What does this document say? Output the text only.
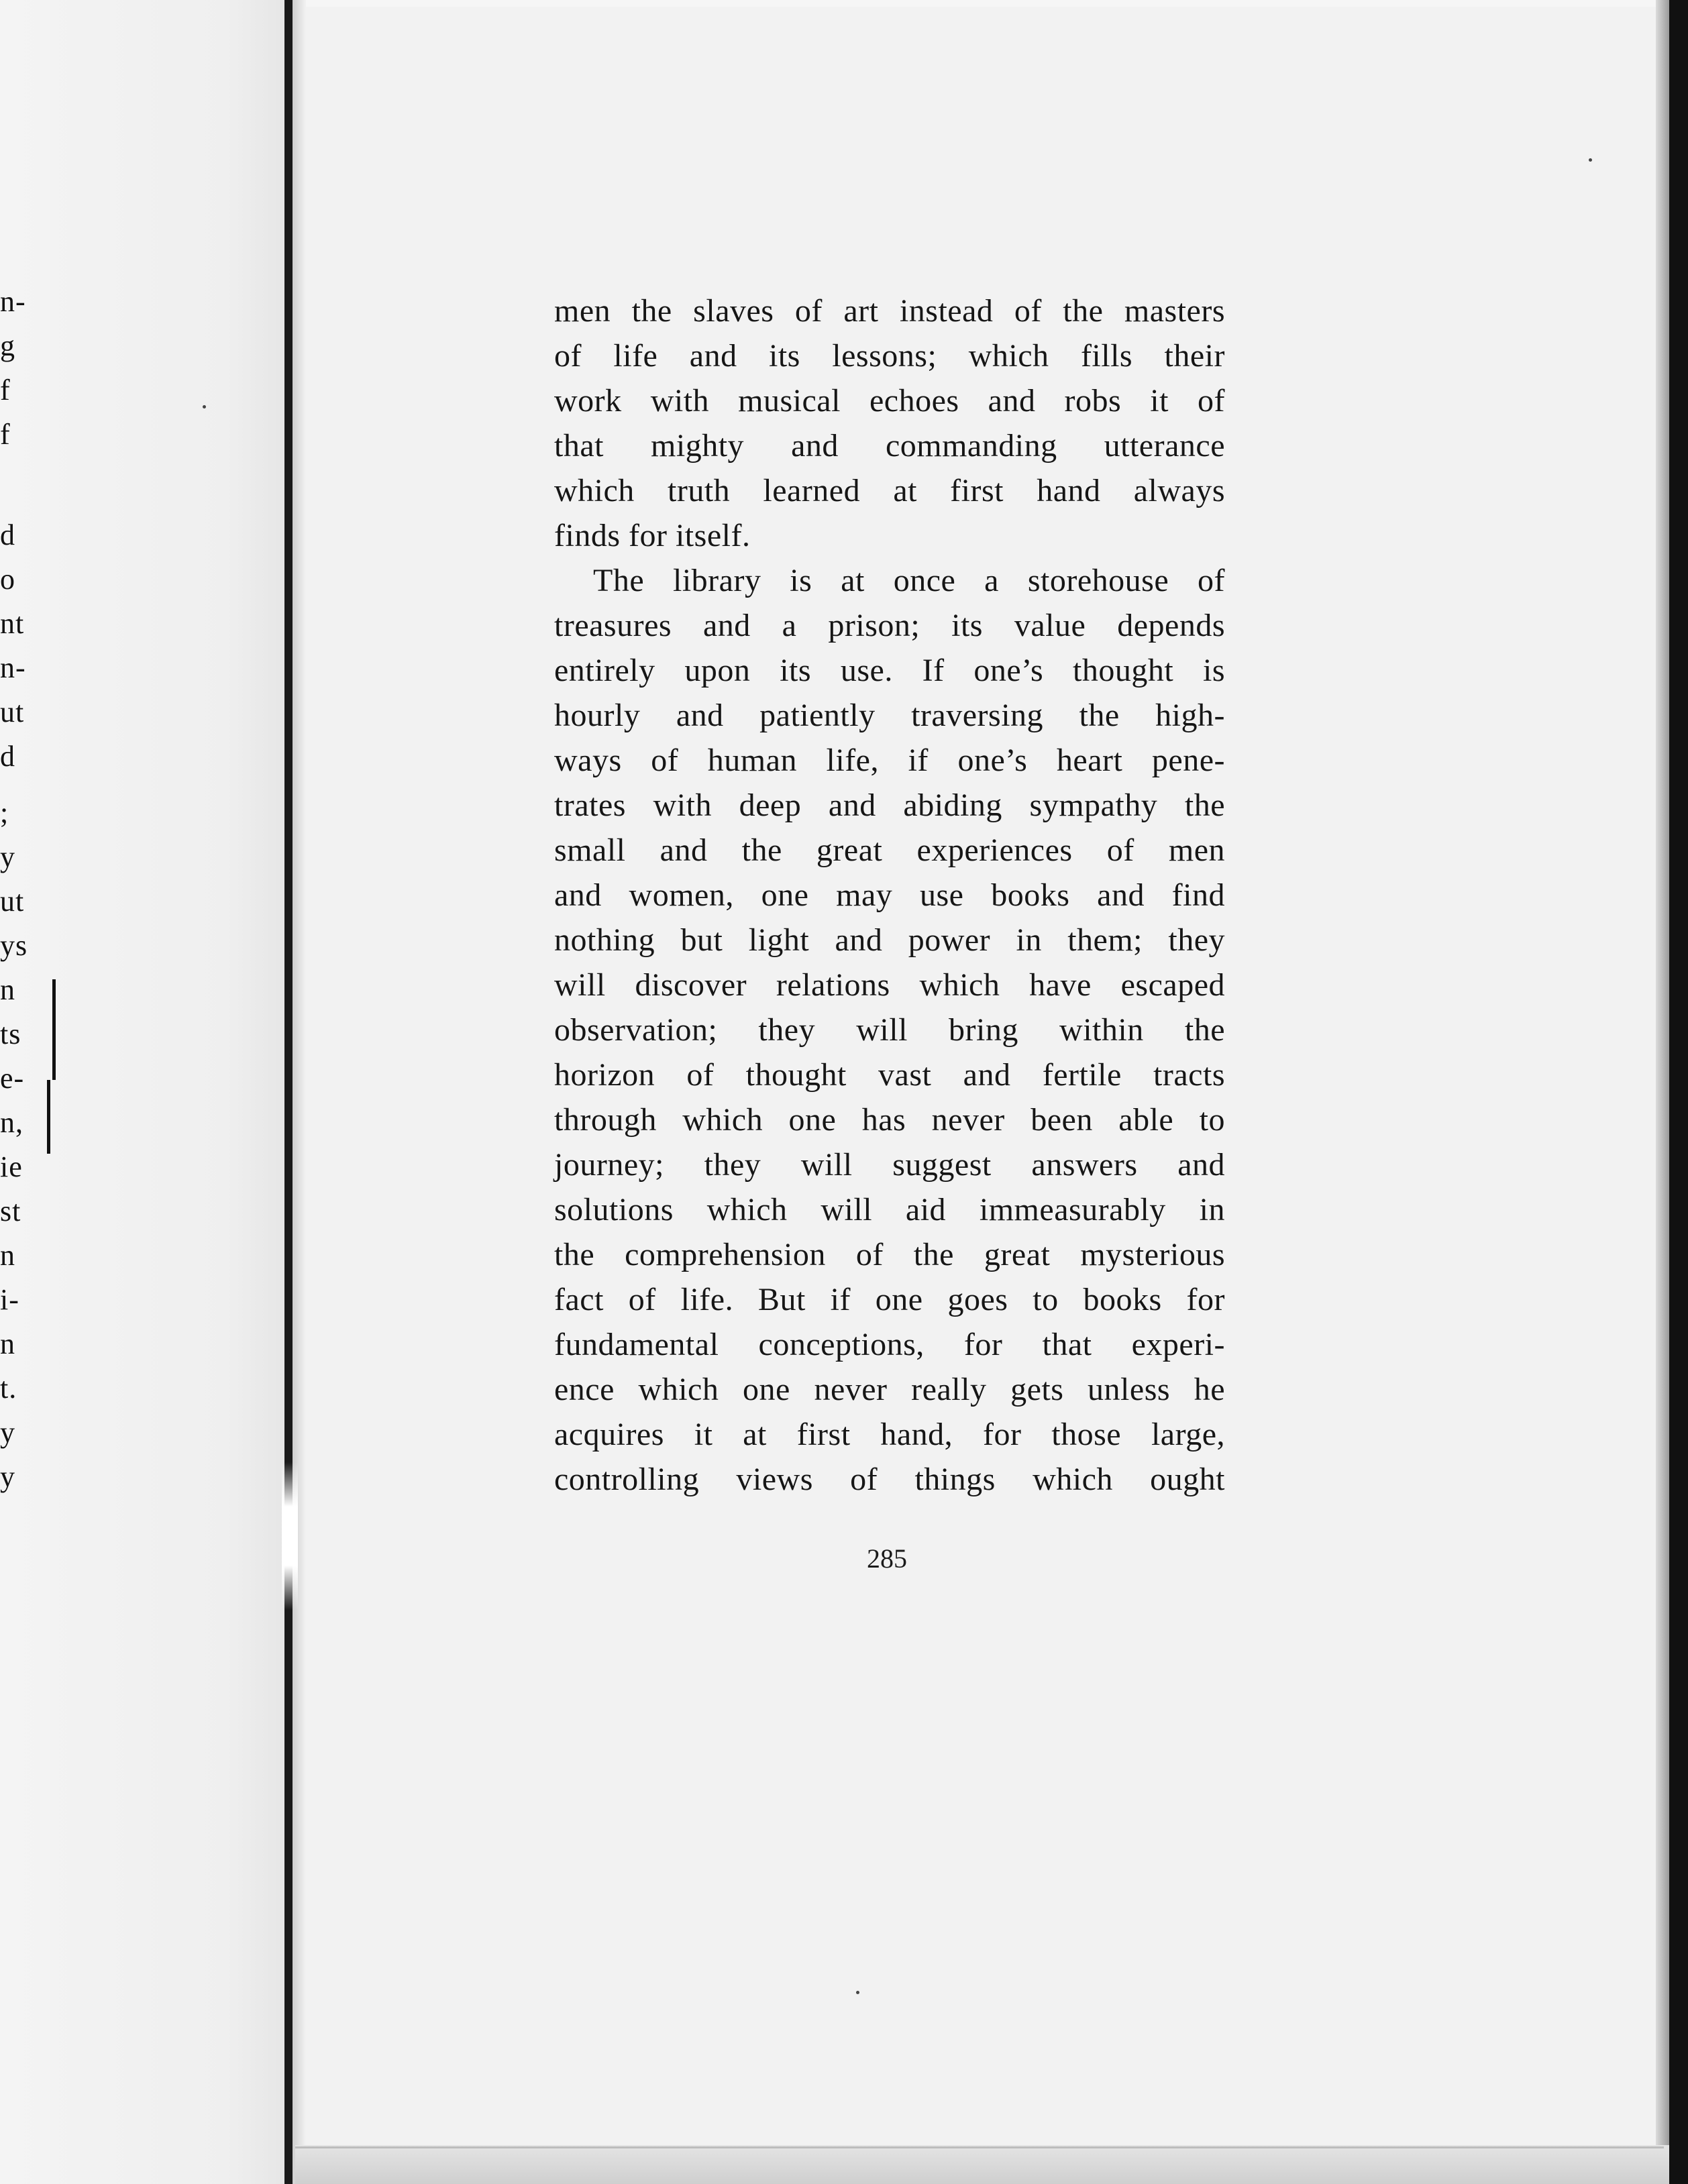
n-
g
f
f
d
o
nt
n-
ut
d
;
y
ut
ys
n
ts
e-
n,
ie
st
n
i-
n
t.
y
y
men the slaves of art instead of the masters
of life and its lessons; which fills their
work with musical echoes and robs it of
that mighty and commanding utterance
which truth learned at first hand always
finds for itself.
The library is at once a storehouse of
treasures and a prison; its value depends
entirely upon its use. If one’s thought is
hourly and patiently traversing the high-
ways of human life, if one’s heart pene-
trates with deep and abiding sympathy the
small and the great experiences of men
and women, one may use books and find
nothing but light and power in them; they
will discover relations which have escaped
observation; they will bring within the
horizon of thought vast and fertile tracts
through which one has never been able to
journey; they will suggest answers and
solutions which will aid immeasurably in
the comprehension of the great mysterious
fact of life. But if one goes to books for
fundamental conceptions, for that experi-
ence which one never really gets unless he
acquires it at first hand, for those large,
controlling views of things which ought
285
